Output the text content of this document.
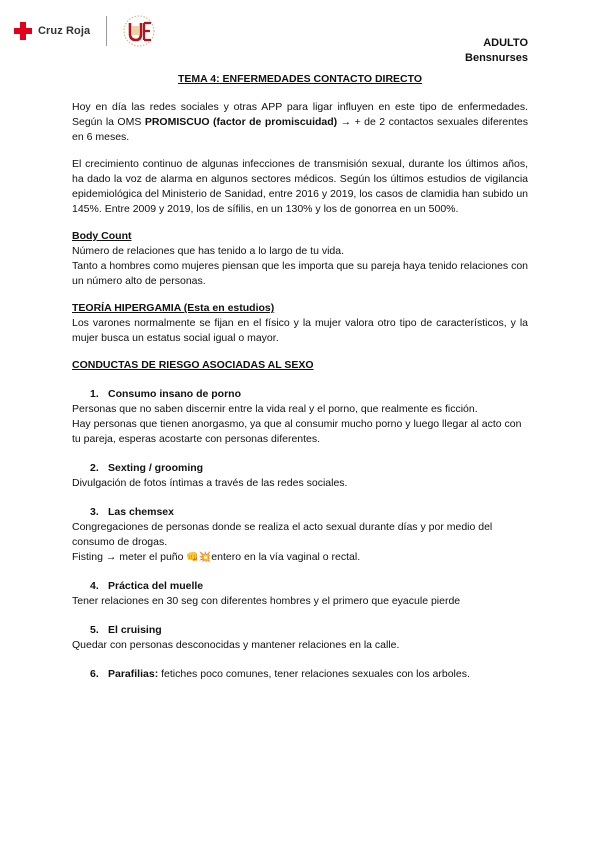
Cruz Roja
ADULTO
Bensnurses
TEMA 4: ENFERMEDADES CONTACTO DIRECTO

Hoy en día las redes sociales y otras APP para ligar influyen en este tipo de enfermedades. Según la OMS PROMISCUO (factor de promiscuidad) → + de 2 contactos sexuales diferentes en 6 meses.

El crecimiento continuo de algunas infecciones de transmisión sexual, durante los últimos años, ha dado la voz de alarma en algunos sectores médicos. Según los últimos estudios de vigilancia epidemiológica del Ministerio de Sanidad, entre 2016 y 2019, los casos de clamidia han subido un 145%. Entre 2009 y 2019, los de sífilis, en un 130% y los de gonorrea en un 500%.

Body Count

Número de relaciones que has tenido a lo largo de tu vida.

Tanto a hombres como mujeres piensan que les importa que su pareja haya tenido relaciones con un número alto de personas.

TEORÍA HIPERGAMIA (Esta en estudios)

Los varones normalmente se fijan en el físico y la mujer valora otro tipo de característicos, y la mujer busca un estatus social igual o mayor.

CONDUCTAS DE RIESGO ASOCIADAS AL SEXO
1. Consumo insano de porno

Personas que no saben discernir entre la vida real y el porno, que realmente es ficción.

Hay personas que tienen anorgasmo, ya que al consumir mucho porno y luego llegar al acto con tu pareja, esperas acostarte con personas diferentes.

2. Sexting / grooming

Divulgación de fotos íntimas a través de las redes sociales.

3. Las chemsex

Congregaciones de personas donde se realiza el acto sexual durante días y por medio del consumo de drogas.

Fisting → meter el puño 👊💥entero en la vía vaginal o rectal.

4. Práctica del muelle

Tener relaciones en 30 seg con diferentes hombres y el primero que eyacule pierde

5. El cruising

Quedar con personas desconocidas y mantener relaciones en la calle.

6. Parafilias: fetiches poco comunes, tener relaciones sexuales con los arboles.
